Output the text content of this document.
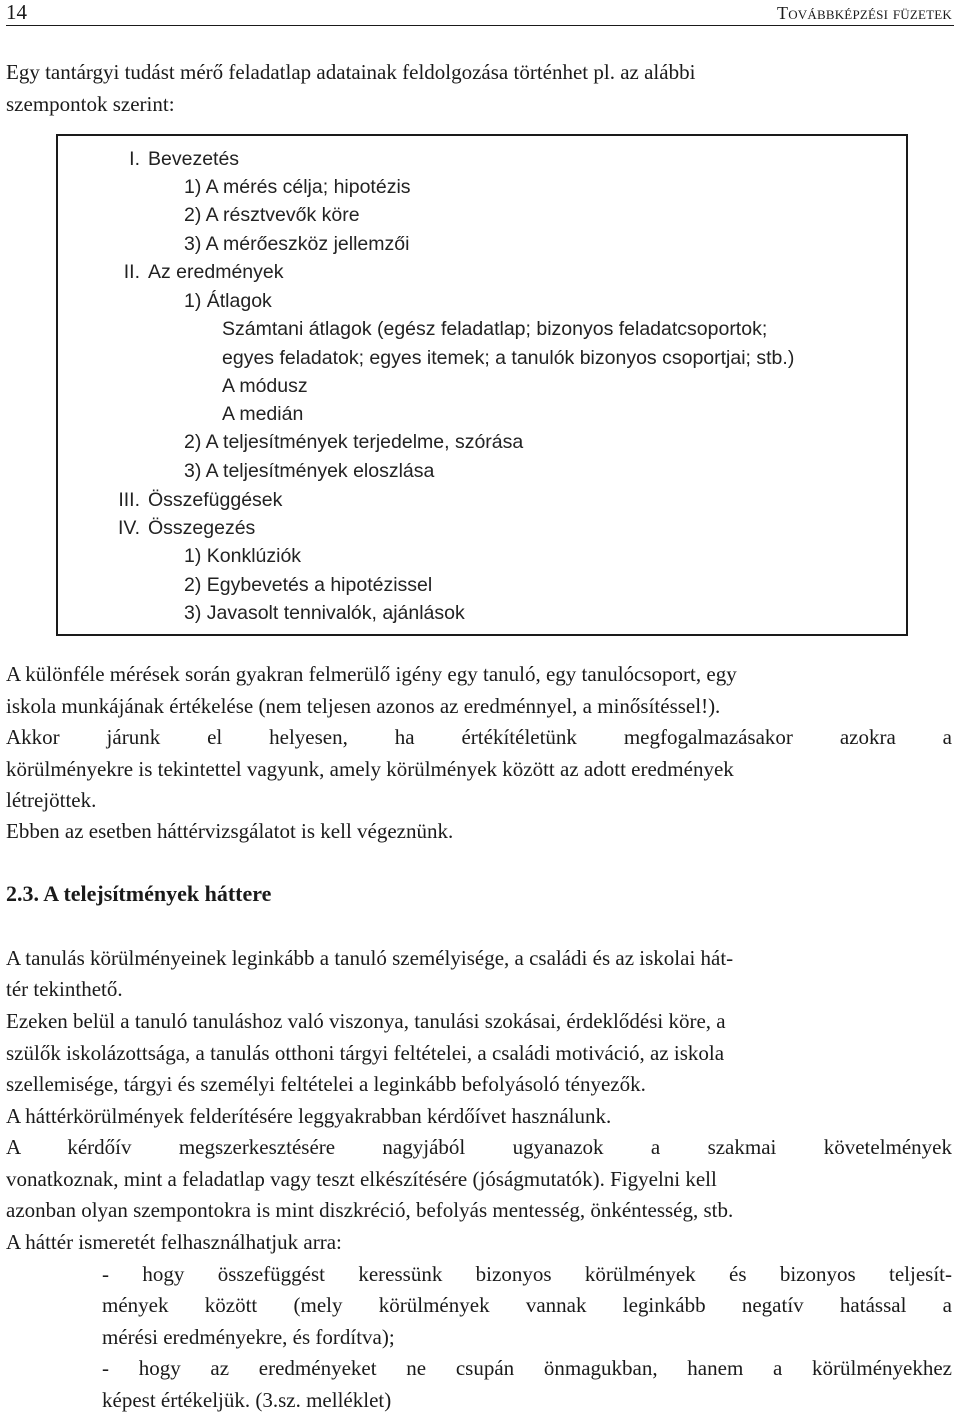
14	Továbbképzési füzetek
Egy tantárgyi tudást mérő feladatlap adatainak feldolgozása történhet pl. az alábbi
szempontok szerint:
I. Bevezetés
1) A mérés célja; hipotézis
2) A résztvevők köre
3) A mérőeszköz jellemzői
II. Az eredmények
1) Átlagok
Számtani átlagok (egész feladatlap; bizonyos feladatcsoportok;
egyes feladatok; egyes itemek; a tanulók bizonyos csoportjai; stb.)
A módusz
A medián
2) A teljesítmények terjedelme, szórása
3) A teljesítmények eloszlása
III. Összefüggések
IV. Összegezés
1) Konklúziók
2) Egybevetés a hipotézissel
3) Javasolt tennivalók, ajánlások
A különféle mérések során gyakran felmerülő igény egy tanuló, egy tanulócsoport, egy
iskola munkájának értékelése (nem teljesen azonos az eredménnyel, a minősítéssel!).
Akkor járunk el helyesen, ha értékítéletünk megfogalmazásakor azokra a
körülményekre is tekintettel vagyunk, amely körülmények között az adott eredmények
létrejöttek.
Ebben az esetben háttérvizsgálatot is kell végeznünk.
2.3. A telejsítmények háttere
A tanulás körülményeinek leginkább a tanuló személyisége, a családi és az iskolai hát-
tér tekinthető.
Ezeken belül a tanuló tanuláshoz való viszonya, tanulási szokásai, érdeklődési köre, a
szülők iskolázottsága, a tanulás otthoni tárgyi feltételei, a családi motiváció, az iskola
szellemisége, tárgyi és személyi feltételei a leginkább befolyásoló tényezők.
A háttérkörülmények felderítésére leggyakrabban kérdőívet használunk.
A kérdőív megszerkesztésére nagyjából ugyanazok a szakmai követelmények
vonatkoznak, mint a feladatlap vagy teszt elkészítésére (jóságmutatók). Figyelni kell
azonban olyan szempontokra is mint diszkréció, befolyás mentesség, önkéntesség, stb.
A háttér ismeretét felhasználhatjuk arra:
- hogy összefüggést keressünk bizonyos körülmények és bizonyos teljesít-
mények között (mely körülmények vannak leginkább negatív hatással a
mérési eredményekre, és fordítva);
- hogy az eredményeket ne csupán önmagukban, hanem a körülményekhez
képest értékeljük. (3.sz. melléklet)
